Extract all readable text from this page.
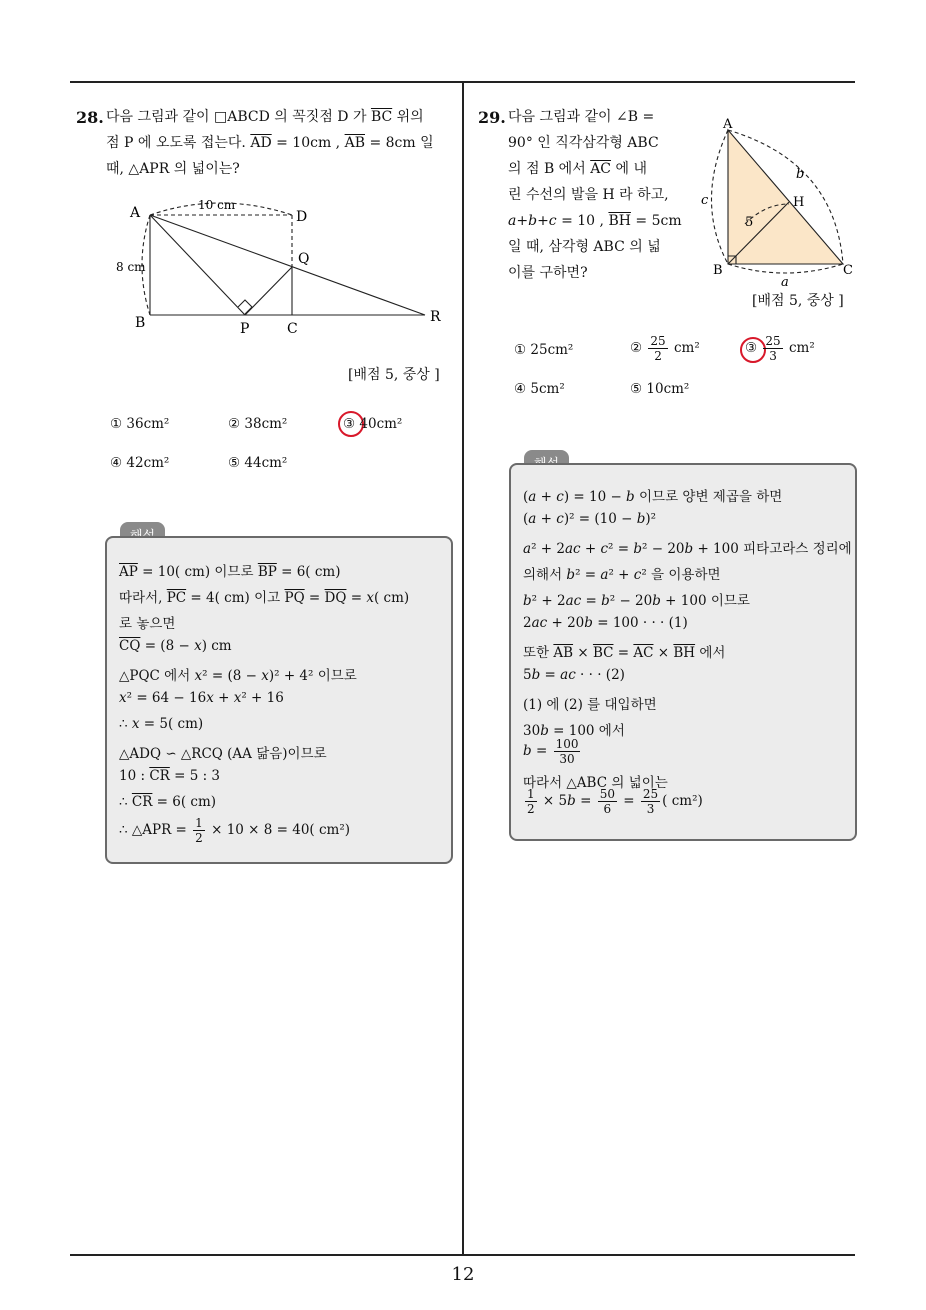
12
28. 다음 그림과 같이 □ABCD 의 꼭짓점 D 가 $\overline{BC}$ 위의
점 P 에 오도록 접는다. $\overline{AD} = 10cm$ , $\overline{AB} = 8cm$ 일
때, △APR 의 넓이는?
A	D
B	P	C
Q
R
10 cm
8 cm
[배점 5, 중상 ]
① 36cm²	② 38cm²	③ 40cm²
④ 42cm²	⑤ 44cm²
$\overline{AP} = 10$( cm) 이므로 $\overline{BP} = 6$( cm)
따라서, $\overline{PC} = 4$( cm) 이고 $\overline{PQ} = \overline{DQ} = x$( cm)
로 놓으면
$\overline{CQ} = (8 - x)$ cm
△PQC 에서 x² = (8 − x)² + 4² 이므로
x² = 64 − 16x + x² + 16
∴ x = 5( cm)
△ADQ ∽ △RCQ (AA 닮음)이므로
10 : $\overline{CR} = 5$ : 3
∴ $\overline{CR} = 6$( cm)
∴ △APR = $\frac{1}{2} \times 10 \times 8 = 40$( cm²)
29. 다음 그림과 같이 ∠B =
90° 인 직각삼각형 ABC
의 점 B 에서 $\overline{AC}$ 에 내
린 수선의 발을 H 라 하고,
a+b+c = 10 , $\overline{BH} = 5cm$
일 때, 삼각형 ABC 의 넓
이를 구하면?
A
B	C
H
a
b
c
5
[배점 5, 중상 ]
① 25cm²	② $\frac{25}{2} cm^2$	③ $\frac{25}{3} cm^2$
④ 5cm²	⑤ 10cm²
(a + c) = 10 − b 이므로 양변 제곱을 하면
(a + c)² = (10 − b)²
a² + 2ac + c² = b² − 20b + 100 피타고라스 정리에
의해서 b² = a² + c² 을 이용하면
b² + 2ac = b² − 20b + 100 이므로
2ac + 20b = 100 · · · (1)
또한 $\overline{AB} \times \overline{BC} = \overline{AC} \times \overline{BH}$ 에서
5b = ac · · · (2)
(1) 에 (2) 를 대입하면
30b = 100 에서
$b = \frac{100}{30}$
따라서 △ABC 의 넓이는
$\frac{1}{2} \times 5b = \frac{50}{6} = \frac{25}{3}$ ( cm²)
